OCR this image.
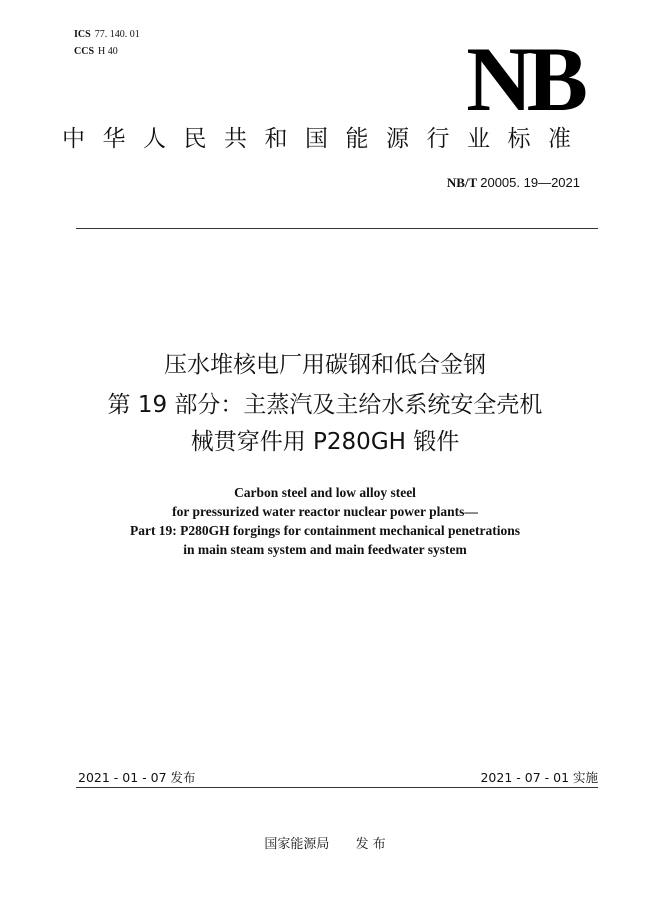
ICS 77. 140. 01
CCS H 40	NB
中华人民共和国能源行业标准
NB/T 20005. 19—2021
压水堆核电厂用碳钢和低合金钢
第 19 部分：主蒸汽及主给水系统安全壳机
械贯穿件用 P280GH 锻件
Carbon steel and low alloy steel
for pressurized water reactor nuclear power plants—
Part 19: P280GH forgings for containment mechanical penetrations
in main steam system and main feedwater system
2021 - 01 - 07 发布	2021 - 07 - 01 实施
国家能源局 发 布
